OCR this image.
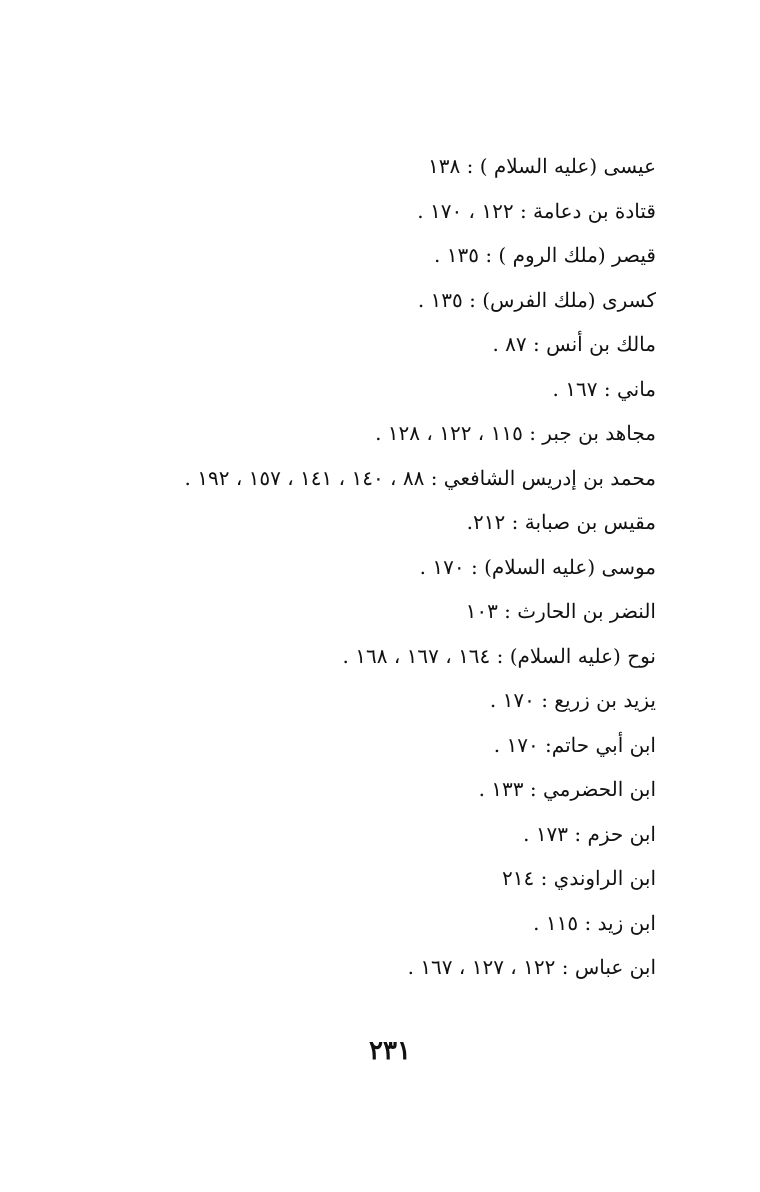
عيسى (عليه السلام ) : ١٣٨
قتادة بن دعامة : ١٢٢ ، ١٧٠ .
قيصر (ملك الروم ) : ١٣٥ .
كسرى (ملك الفرس) : ١٣٥ .
مالك بن أنس : ٨٧ .
ماني : ١٦٧ .
مجاهد بن جبر : ١١٥ ، ١٢٢ ، ١٢٨ .
محمد بن إدريس الشافعي : ٨٨ ، ١٤٠ ، ١٤١ ، ١٥٧ ، ١٩٢ .
مقيس بن صبابة : ٢١٢.
موسى (عليه السلام) : ١٧٠ .
النضر بن الحارث : ١٠٣
نوح (عليه السلام) : ١٦٤ ، ١٦٧ ، ١٦٨ .
يزيد بن زريع : ١٧٠ .
ابن أبي حاتم: ١٧٠ .
ابن الحضرمي : ١٣٣ .
ابن حزم : ١٧٣ .
ابن الراوندي : ٢١٤
ابن زيد : ١١٥ .
ابن عباس : ١٢٢ ، ١٢٧ ، ١٦٧ .
٢٣١
